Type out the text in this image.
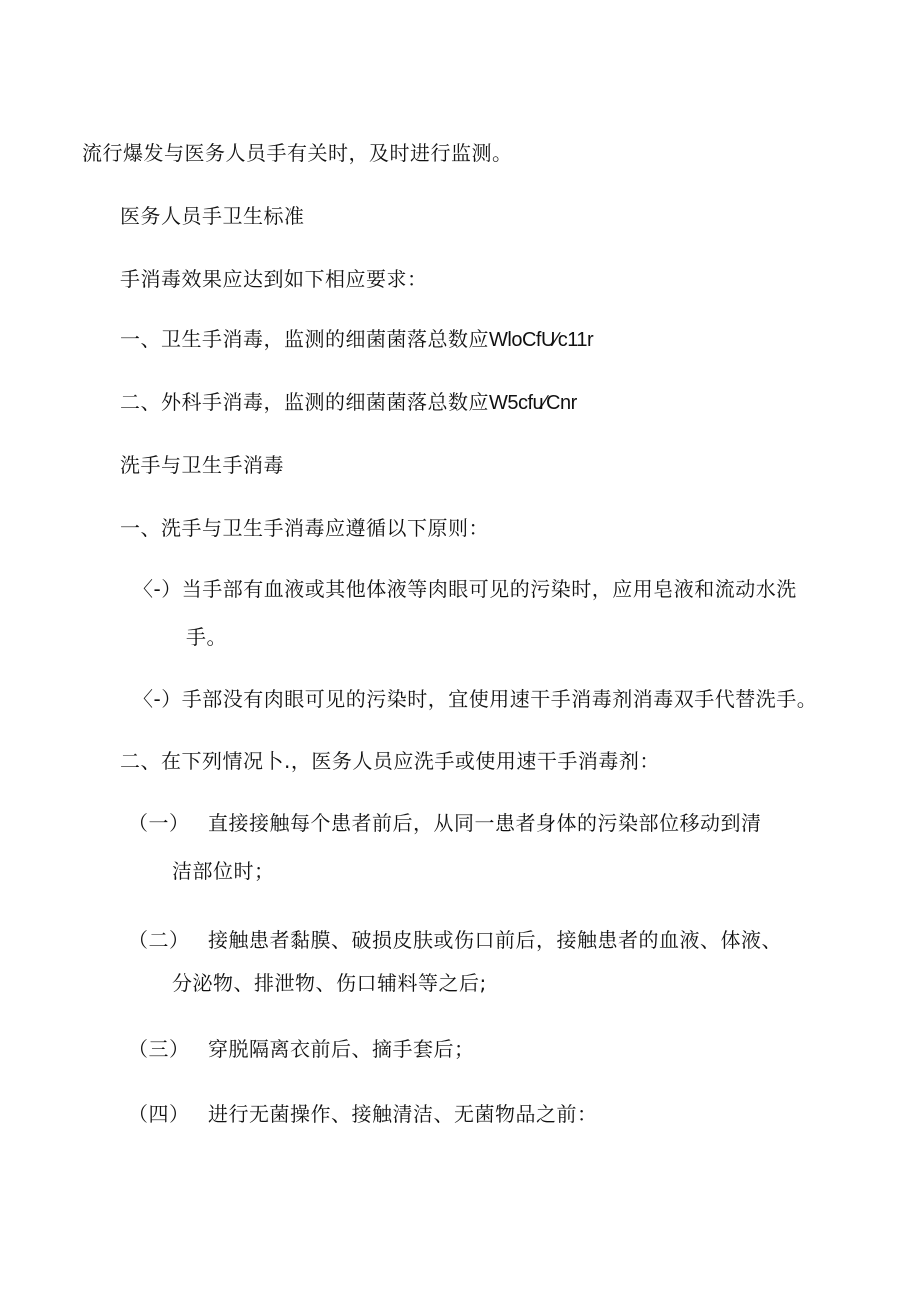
流行爆发与医务人员手有关时，及时进行监测。
医务人员手卫生标准
手消毒效果应达到如下相应要求：
一、卫生手消毒，监测的细菌菌落总数应WloCfU∕c11r
二、外科手消毒，监测的细菌菌落总数应W5cfu∕Cnr
洗手与卫生手消毒
一、洗手与卫生手消毒应遵循以下原则：
〈-）当手部有血液或其他体液等肉眼可见的污染时，应用皂液和流动水洗
手。
〈-）手部没有肉眼可见的污染时，宜使用速干手消毒剂消毒双手代替洗手。
二、在下列情况卜.，医务人员应洗手或使用速干手消毒剂：
（一） 直接接触每个患者前后，从同一患者身体的污染部位移动到清
洁部位时；
（二） 接触患者黏膜、破损皮肤或伤口前后，接触患者的血液、体液、
分泌物、排泄物、伤口辅料等之后;
（三） 穿脱隔离衣前后、摘手套后；
（四） 进行无菌操作、接触清洁、无菌物品之前：
